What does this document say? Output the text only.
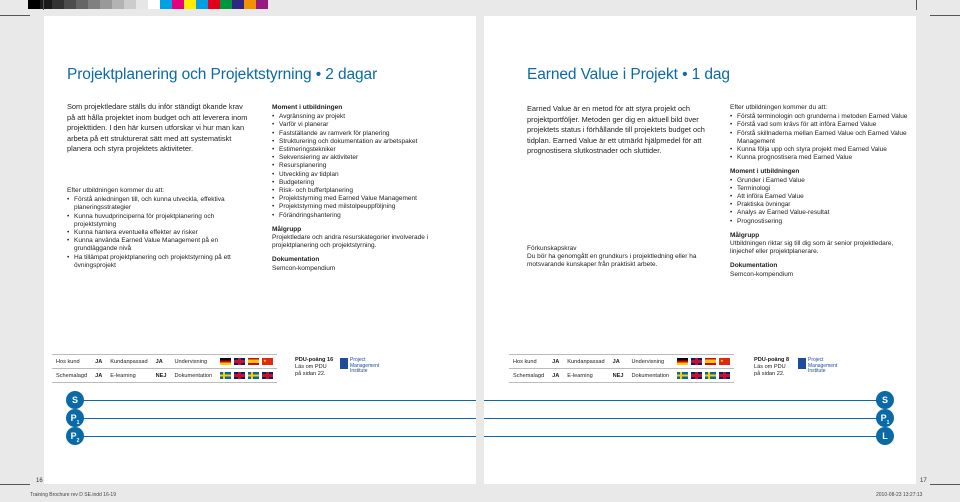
Projektplanering och Projektstyrning • 2 dagar

Som projektledare ställs du inför ständigt ökande krav på att hålla projektet inom budget och att leverera inom projekttiden. I den här kursen utforskar vi hur man kan arbeta på ett strukturerat sätt med att systematiskt planera och styra projektets aktiviteter.

Efter utbildningen kommer du att:

• Förstå anledningen till, och kunna utveckla, effektiva planeringsstrategier
• Kunna huvudprinciperna för projektplanering och projektstyrning
• Kunna hantera eventuella effekter av risker
• Kunna använda Earned Value Management på en grundläggande nivå
• Ha tillämpat projektplanering och projektstyrning på ett övningsprojekt

Moment i utbildningen

• Avgränsning av projekt
• Varför vi planerar
• Fastställande av ramverk för planering
• Strukturering och dokumentation av arbetspaket
• Estimeringstekniker
• Sekvensiering av aktiviteter
• Resursplanering
• Utveckling av tidplan
• Budgetering
• Risk- och buffertplanering
• Projektstyrning med Earned Value Management
• Projektstyrning med milstolpeuppföljning
• Förändringshantering

Målgrupp

Projektledare och andra resurskategorier involverade i projektplanering och projektstyrning.

Dokumentation

Semcon-kompendium

Hos kund	JA	Kundanpassad	JA	Undervisning	
★

Schemalagd	JA	E-learning	NEJ	Dokumentation	
PDU-poäng 16
Läs om PDU
på sidan 22.
Project
Management
Institute
S
$P_1$
$P_2$
16
Earned Value i Projekt • 1 dag

Earned Value är en metod för att styra projekt och projektportföljer. Metoden ger dig en aktuell bild över projektets status i förhållande till projektets budget och tidplan. Earned Value är ett utmärkt hjälpmedel för att prognostisera slutkostnader och sluttider.

Förkunskapskrav

Du bör ha genomgått en grundkurs i projektledning eller ha motsvarande kunskaper från praktiskt arbete.

Efter utbildningen kommer du att:

• Förstå terminologin och grunderna i metoden Earned Value
• Förstå vad som krävs för att införa Earned Value
• Förstå skillnaderna mellan Earned Value och Earned Value Management
• Kunna följa upp och styra projekt med Earned Value
• Kunna prognostisera med Earned Value

Moment i utbildningen

• Grunder i Earned Value
• Terminologi
• Att införa Earned Value
• Praktiska övningar
• Analys av Earned Value-resultat
• Prognostisering

Målgrupp

Utbildningen riktar sig till dig som är senior projektledare, linjechef eller projektplanerare.

Dokumentation

Semcon-kompendium

Hos kund	JA	Kundanpassad	JA	Undervisning	
★

Schemalagd	JA	E-learning	NEJ	Dokumentation	
PDU-poäng 8
Läs om PDU
på sidan 22.
Project
Management
Institute
S
$P_1$
L
17
Training Brochure rev D SE.indd 16-19	2010-08-23 13:27:13
